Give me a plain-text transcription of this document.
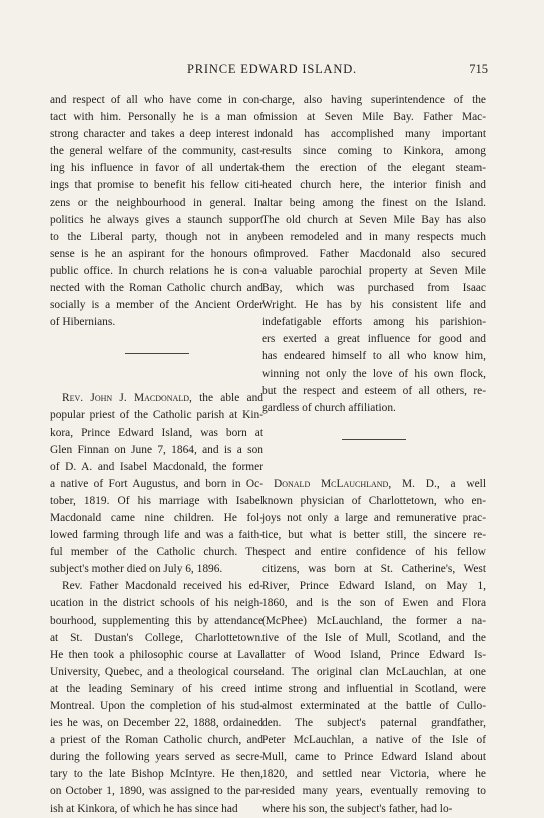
PRINCE EDWARD ISLAND.	715
and respect of all who have come in con-
tact with him. Personally he is a man of
strong character and takes a deep interest in
the general welfare of the community, cast-
ing his influence in favor of all undertak-
ings that promise to benefit his fellow citi-
zens or the neighbourhood in general. In
politics he always gives a staunch support
to the Liberal party, though not in any
sense is he an aspirant for the honours of
public office. In church relations he is con-
nected with the Roman Catholic church and
socially is a member of the Ancient Order
of Hibernians.
Rev. John J. Macdonald, the able and
popular priest of the Catholic parish at Kin-
kora, Prince Edward Island, was born at
Glen Finnan on June 7, 1864, and is a son
of D. A. and Isabel Macdonald, the former
a native of Fort Augustus, and born in Oc-
tober, 1819. Of his marriage with Isabel
Macdonald came nine children. He fol-
lowed farming through life and was a faith-
ful member of the Catholic church. The
subject's mother died on July 6, 1896.
Rev. Father Macdonald received his ed-
ucation in the district schools of his neigh-
bourhood, supplementing this by attendance
at St. Dustan's College, Charlottetown.
He then took a philosophic course at Laval
University, Quebec, and a theological course
at the leading Seminary of his creed in
Montreal. Upon the completion of his stud-
ies he was, on December 22, 1888, ordained
a priest of the Roman Catholic church, and
during the following years served as secre-
tary to the late Bishop McIntyre. He then,
on October 1, 1890, was assigned to the par-
ish at Kinkora, of which he has since had
charge, also having superintendence of the
mission at Seven Mile Bay. Father Mac-
donald has accomplished many important
results since coming to Kinkora, among
them the erection of the elegant steam-
heated church here, the interior finish and
altar being among the finest on the Island.
The old church at Seven Mile Bay has also
been remodeled and in many respects much
improved. Father Macdonald also secured
a valuable parochial property at Seven Mile
Bay, which was purchased from Isaac
Wright. He has by his consistent life and
indefatigable efforts among his parishion-
ers exerted a great influence for good and
has endeared himself to all who know him,
winning not only the love of his own flock,
but the respect and esteem of all others, re-
gardless of church affiliation.
Donald McLauchland, M. D., a well
known physician of Charlottetown, who en-
joys not only a large and remunerative prac-
tice, but what is better still, the sincere re-
spect and entire confidence of his fellow
citizens, was born at St. Catherine's, West
River, Prince Edward Island, on May 1,
1860, and is the son of Ewen and Flora
(McPhee) McLauchland, the former a na-
tive of the Isle of Mull, Scotland, and the
latter of Wood Island, Prince Edward Is-
land. The original clan McLauchlan, at one
time strong and influential in Scotland, were
almost exterminated at the battle of Cullo-
den. The subject's paternal grandfather,
Peter McLauchlan, a native of the Isle of
Mull, came to Prince Edward Island about
1820, and settled near Victoria, where he
resided many years, eventually removing to
where his son, the subject's father, had lo-
